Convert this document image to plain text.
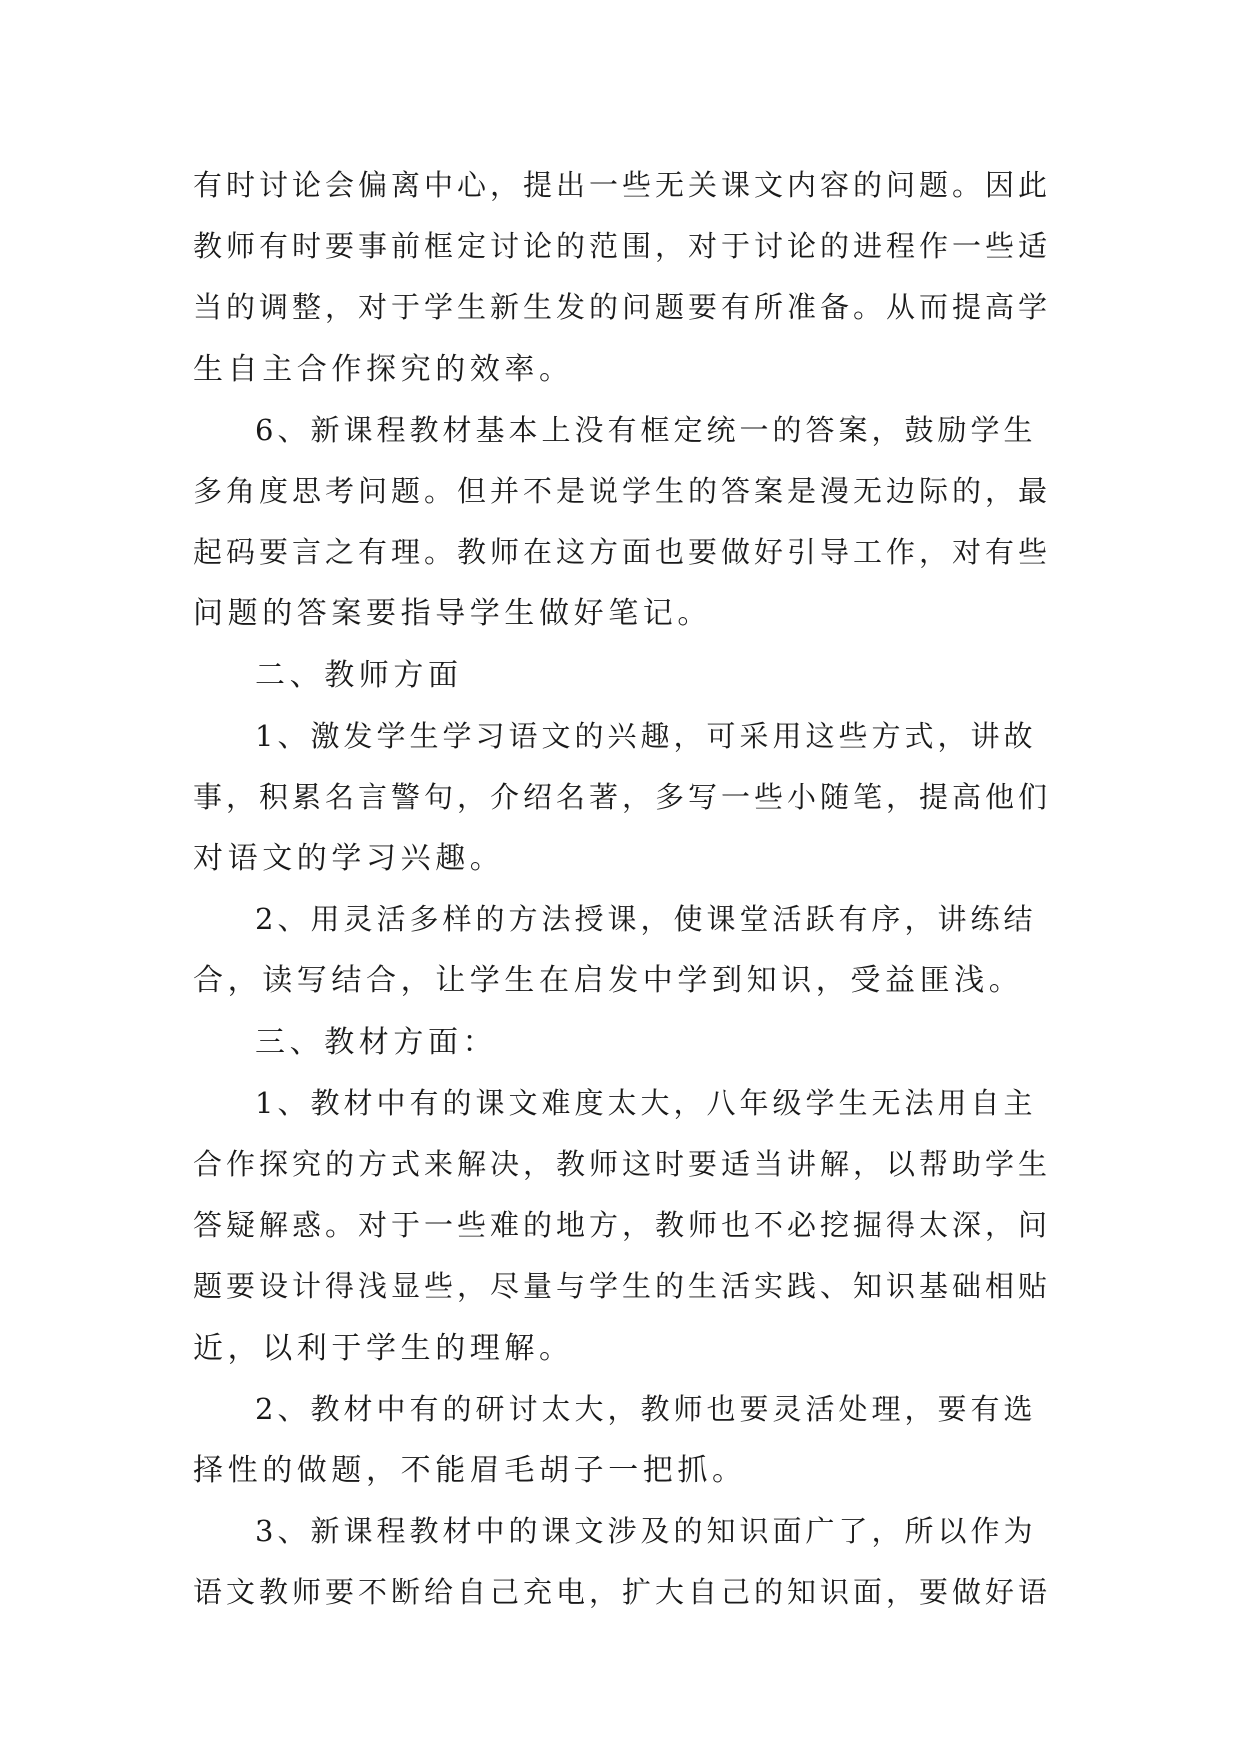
有时讨论会偏离中心，提出一些无关课文内容的问题。因此
教师有时要事前框定讨论的范围，对于讨论的进程作一些适
当的调整，对于学生新生发的问题要有所准备。从而提高学
生自主合作探究的效率。
6、新课程教材基本上没有框定统一的答案，鼓励学生
多角度思考问题。但并不是说学生的答案是漫无边际的，最
起码要言之有理。教师在这方面也要做好引导工作，对有些
问题的答案要指导学生做好笔记。
二、教师方面
1、激发学生学习语文的兴趣，可采用这些方式，讲故
事，积累名言警句，介绍名著，多写一些小随笔，提高他们
对语文的学习兴趣。
2、用灵活多样的方法授课，使课堂活跃有序，讲练结
合，读写结合，让学生在启发中学到知识，受益匪浅。
三、教材方面：
1、教材中有的课文难度太大，八年级学生无法用自主
合作探究的方式来解决，教师这时要适当讲解，以帮助学生
答疑解惑。对于一些难的地方，教师也不必挖掘得太深，问
题要设计得浅显些，尽量与学生的生活实践、知识基础相贴
近，以利于学生的理解。
2、教材中有的研讨太大，教师也要灵活处理，要有选
择性的做题，不能眉毛胡子一把抓。
3、新课程教材中的课文涉及的知识面广了，所以作为
语文教师要不断给自己充电，扩大自己的知识面，要做好语
